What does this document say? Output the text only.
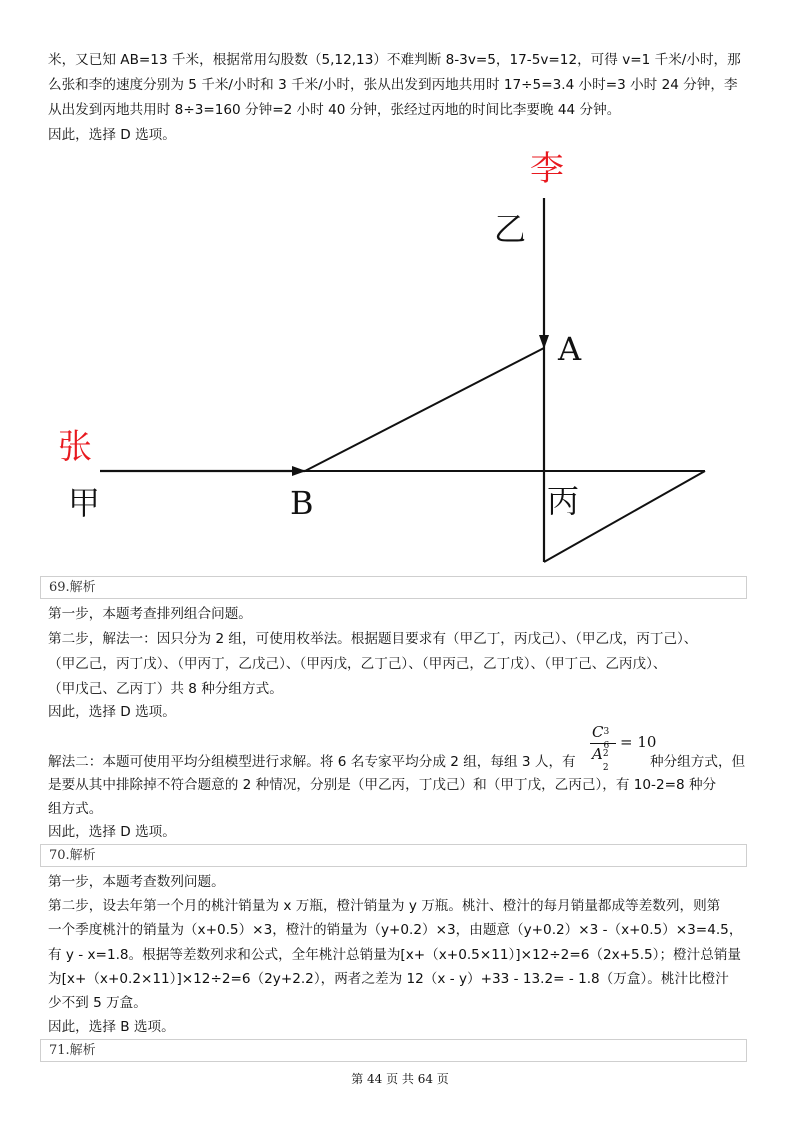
米，又已知 AB=13 千米，根据常用勾股数（5,12,13）不难判断 8-3v=5，17-5v=12，可得 v=1 千米/小时，那
么张和李的速度分别为 5 千米/小时和 3 千米/小时，张从出发到丙地共用时 17÷5=3.4 小时=3 小时 24 分钟，李
从出发到丙地共用时 8÷3=160 分钟=2 小时 40 分钟，张经过丙地的时间比李要晚 44 分钟。
因此，选择 D 选项。
李
乙
A
张
甲	B	丙
69.解析
第一步，本题考查排列组合问题。
第二步，解法一：因只分为 2 组，可使用枚举法。根据题目要求有（甲乙丁，丙戊己）、（甲乙戊，丙丁己）、
（甲乙己，丙丁戊）、（甲丙丁，乙戊己）、（甲丙戊，乙丁己）、（甲丙己，乙丁戊）、（甲丁己、乙丙戊）、
（甲戊己、乙丙丁）共 8 种分组方式。
因此，选择 D 选项。
解法二：本题可使用平均分组模型进行求解。将 6 名专家平均分成 2 组，每组 3 人，有
C 3
6
A 2
2
= 10
种分组方式，但
是要从其中排除掉不符合题意的 2 种情况，分别是（甲乙丙，丁戊己）和（甲丁戊，乙丙己），有 10-2=8 种分
组方式。
因此，选择 D 选项。
70.解析
第一步，本题考查数列问题。
第二步，设去年第一个月的桃汁销量为 x 万瓶，橙汁销量为 y 万瓶。桃汁、橙汁的每月销量都成等差数列，则第
一个季度桃汁的销量为（x+0.5）×3，橙汁的销量为（y+0.2）×3，由题意（y+0.2）×3 -（x+0.5）×3=4.5，
有 y - x=1.8。根据等差数列求和公式，全年桃汁总销量为[x+（x+0.5×11）]×12÷2=6（2x+5.5）；橙汁总销量
为[x+（x+0.2×11）]×12÷2=6（2y+2.2），两者之差为 12（x - y）+33 - 13.2= - 1.8（万盒）。桃汁比橙汁
少不到 5 万盒。
因此，选择 B 选项。
71.解析
第 44 页 共 64 页
